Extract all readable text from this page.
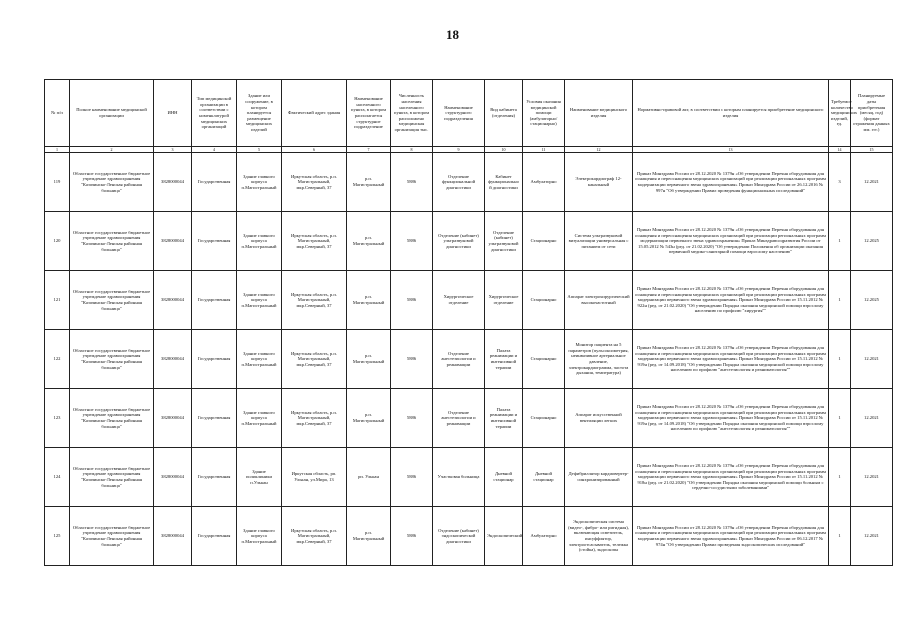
18
№ п/п	Полное наименование медицинской организации	ИНН	Тип медицинской организации в соответствии с номенклатурой медицинских организаций	Здание или сооружение, в котором планируется размещение медицинских изделий	Фактический адрес здания	Наименование населенного пункта, в котором располагается структурное подразделение	Численность населения населенного пункта, в котором расположено медицинская организация тыс.	Наименование структурного подразделения	Вид кабинета (отделения)	Условия оказания медицинской помощи (амбулаторно/ стационарно)	Наименование медицинского изделия	Нормативно-правовой акт, в соответствии с которым планируется приобретение медицинского изделия	Требуемое количество медицинских изделий, ед.	Планируемые даты приобретения (месяц, год) (формат отражения данных мм. ггг.)
1	2	3	4	5	6	7	8	9	10	11	12	13	14	15
119	Областное государственное бюджетное учреждение здравоохранения "Казачинско-Ленская районная больница"	3828000044	Государственная	Здание главного корпуса п.Магистральный	Иркутская область, р.п. Магистральный, мкр.Северный, 37	р.п. Магистральный	5886	Отделение функциональной диагностики	Кабинет функционально й диагностики	Амбулаторно	Электрокардиограф 12-канальный	Приказ Минздрава России от 28.12.2020 № 1379н «Об утверждении Перечня оборудования для оснащения и переоснащения медицинских организаций при реализации региональных программ модернизации первичного звена здравоохранения» Приказ Минздрава России от 26.12.2016 № 997н "Об утверждении Правил проведения функциональных исследований"	3	12.2021
120	Областное государственное бюджетное учреждение здравоохранения "Казачинско-Ленская районная больница"	3828000044	Государственная	Здание главного корпуса п.Магистральный	Иркутская область, р.п. Магистральный, мкр.Северный, 37	р.п. Магистральный	5886	Отделение (кабинет) ультразвуковой диагностики	Отделение (кабинет) ультразвуковой диагностики	Стационарно	Система ультразвуковой визуализации универсальная с питанием от сети	Приказ Минздрава России от 28.12.2020 № 1379н «Об утверждении Перечня оборудования для оснащения и переоснащения медицинских организаций при реализации региональных программ модернизации первичного звена здравоохранения» Приказ Минздравсоцразвития России от 15.05.2012 № 543н (ред. от 21.02.2020) "Об утверждении Положения об организации оказания первичной медико-санитарной помощи взрослому населению"	1	12.2025
121	Областное государственное бюджетное учреждение здравоохранения "Казачинско-Ленская районная больница"	3828000044	Государственная	Здание главного корпуса п.Магистральный	Иркутская область, р.п. Магистральный, мкр.Северный, 37	р.п. Магистральный	5886	Хирургическое отделение	Хирургическое отделение	Стационарно	Аппарат электрохирургический высокочастотный	Приказ Минздрава России от 28.12.2020 № 1379н «Об утверждении Перечня оборудования для оснащения и переоснащения медицинских организаций при реализации региональных программ модернизации первичного звена здравоохранения» Приказ Минздрава России от 15.11.2012 № 922н (ред. от 21.02.2020) "Об утверждении Порядка оказания медицинской помощи взрослому населению по профилю "хирургия""	1	12.2025
122	Областное государственное бюджетное учреждение здравоохранения "Казачинско-Ленская районная больница"	3828000044	Государственная	Здание главного корпуса п.Магистральный	Иркутская область, р.п. Магистральный, мкр.Северный, 37	р.п. Магистральный	5886	Отделение анестезиологии и реанимации	Палата реанимации и интенсивной терапии	Стационарно	Монитор пациента на 5 параметров (пульсоксиметрия, неинвазивное артериальное давление, электрокардиограмма, частота дыхания, температура)	Приказ Минздрава России от 28.12.2020 № 1379н «Об утверждении Перечня оборудования для оснащения и переоснащения медицинских организаций при реализации региональных программ модернизации первичного звена здравоохранения» Приказ Минздрава России от 15.11.2012 № 919н (ред. от 14.09.2018) "Об утверждении Порядка оказания медицинской помощи взрослому населению по профилю "анестезиология и реаниматология""	1	12.2021
123	Областное государственное бюджетное учреждение здравоохранения "Казачинско-Ленская районная больница"	3828000044	Государственная	Здание главного корпуса п.Магистральный	Иркутская область, р.п. Магистральный, мкр.Северный, 37	р.п. Магистральный	5886	Отделение анестезиологии и реанимации	Палата реанимации и интенсивной терапии	Стационарно	Аппарат искусственной вентиляции легких	Приказ Минздрава России от 28.12.2020 № 1379н «Об утверждении Перечня оборудования для оснащения и переоснащения медицинских организаций при реализации региональных программ модернизации первичного звена здравоохранения» Приказ Минздрава России от 15.11.2012 № 919н (ред. от 14.09.2018) "Об утверждении Порядка оказания медицинской помощи взрослому населению по профилю "анестезиология и реаниматология""	1	12.2021
124	Областное государственное бюджетное учреждение здравоохранения "Казачинско-Ленская районная больница"	3828000044	Государственная	Здание поликлиники п.Улькан	Иркутская область, рп. Улькан, ул.Мира, 13	рп. Улькан	5886	Участковая больница	Дневной стационар	Дневной стационар	Дефибриллятор кардиовертер-синхронизированный	Приказ Минздрава России от 28.12.2020 № 1379н «Об утверждении Перечня оборудования для оснащения и переоснащения медицинских организаций при реализации региональных программ модернизации первичного звена здравоохранения» Приказ Минздрава России от 15.11.2012 № 918н (ред. от 21.02.2020) "Об утверждении Порядка оказания медицинской помощи больным с сердечно-сосудистыми заболеваниями"	1	12.2021
125	Областное государственное бюджетное учреждение здравоохранения "Казачинско-Ленская районная больница"	3828000044	Государственная	Здание главного корпуса п.Магистральный	Иркутская область, р.п. Магистральный, мкр.Северный, 37	р.п. Магистральный	5886	Отделение (кабинет) эндоскопической диагностики	Эндоскопический	Амбулаторно	Эндоскопическая система (видео-, фибро- или ригидная), включающая осветитель, инсуффлятор, электроотсасыватель, тележка (стойка), эндоскопы	Приказ Минздрава России от 28.12.2020 № 1379н «Об утверждении Перечня оборудования для оснащения и переоснащения медицинских организаций при реализации региональных программ модернизации первичного звена здравоохранения» Приказ Минздрава России от 06.12.2017 № 974н "Об утверждении Правил проведения эндоскопических исследований"	1	12.2021
